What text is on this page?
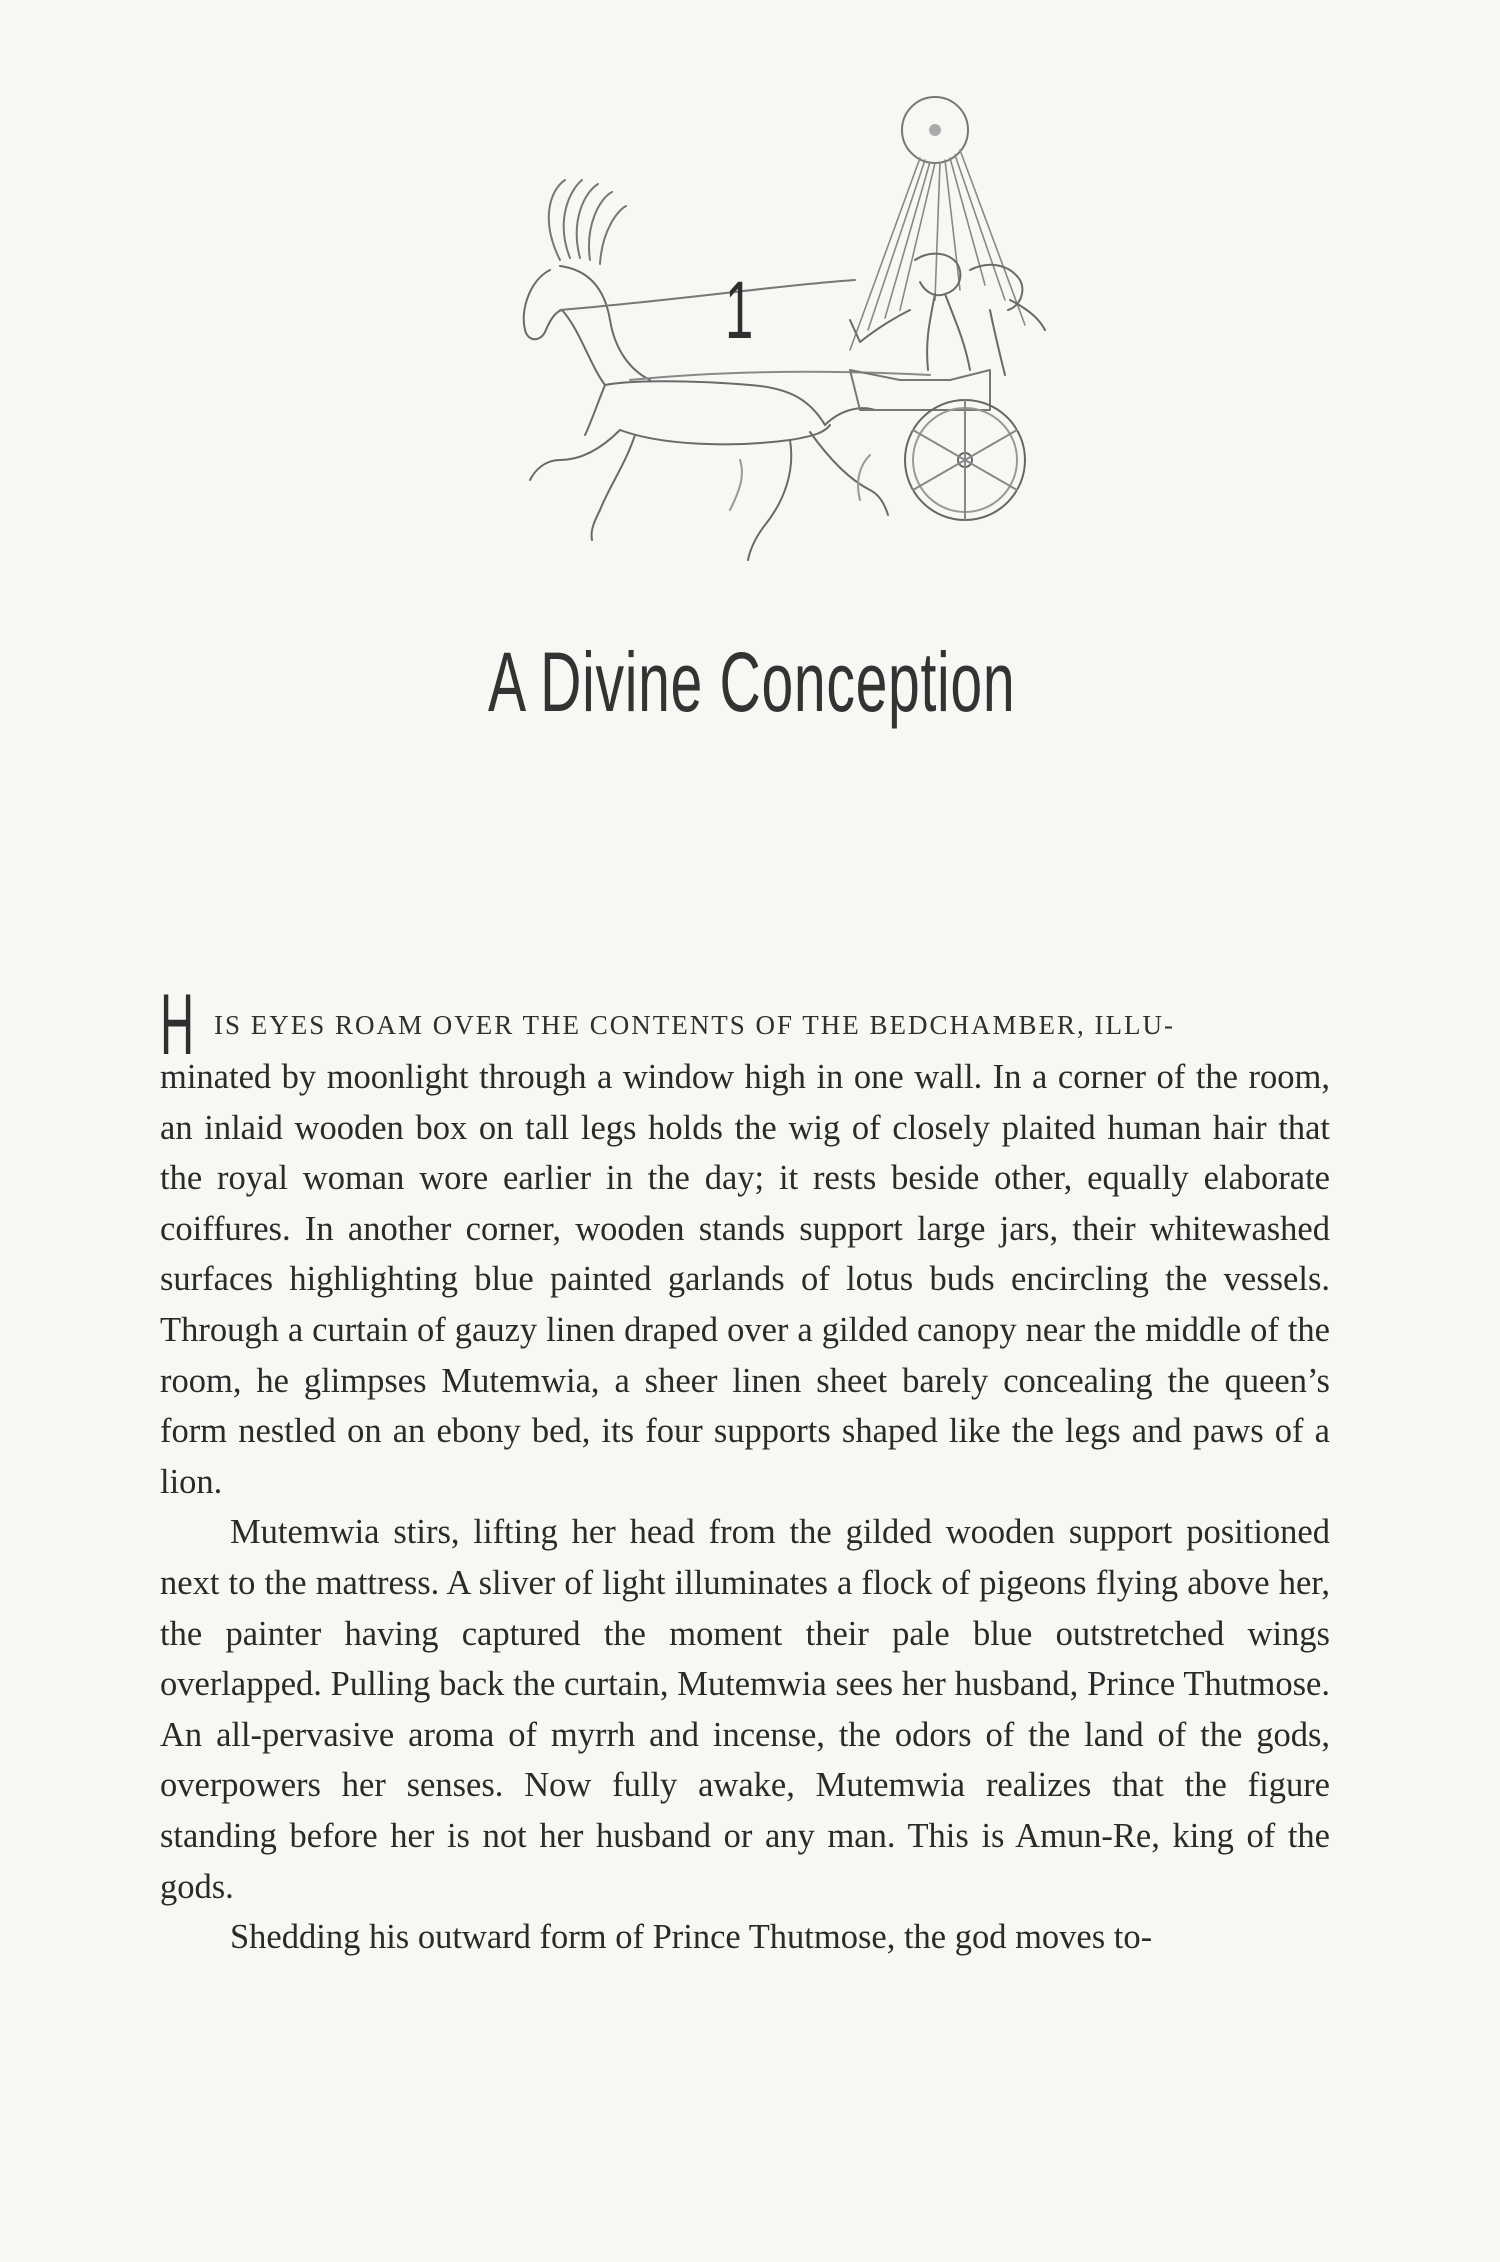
1
A Divine Conception
H IS EYES ROAM OVER THE CONTENTS OF THE BEDCHAMBER, ILLU-

minated by moonlight through a window high in one wall. In a corner of the room, an inlaid wooden box on tall legs holds the wig of closely plaited human hair that the royal woman wore earlier in the day; it rests beside other, equally elaborate coiffures. In another corner, wooden stands support large jars, their whitewashed surfaces highlighting blue painted garlands of lotus buds encircling the vessels. Through a curtain of gauzy linen draped over a gilded canopy near the middle of the room, he glimpses Mutemwia, a sheer linen sheet barely concealing the queen’s form nestled on an ebony bed, its four supports shaped like the legs and paws of a lion.

Mutemwia stirs, lifting her head from the gilded wooden support positioned next to the mattress. A sliver of light illuminates a flock of pigeons flying above her, the painter having captured the moment their pale blue outstretched wings overlapped. Pulling back the curtain, Mutemwia sees her husband, Prince Thutmose. An all-pervasive aroma of myrrh and incense, the odors of the land of the gods, overpowers her senses. Now fully awake, Mutemwia realizes that the figure standing before her is not her husband or any man. This is Amun-Re, king of the gods.

Shedding his outward form of Prince Thutmose, the god moves to-
